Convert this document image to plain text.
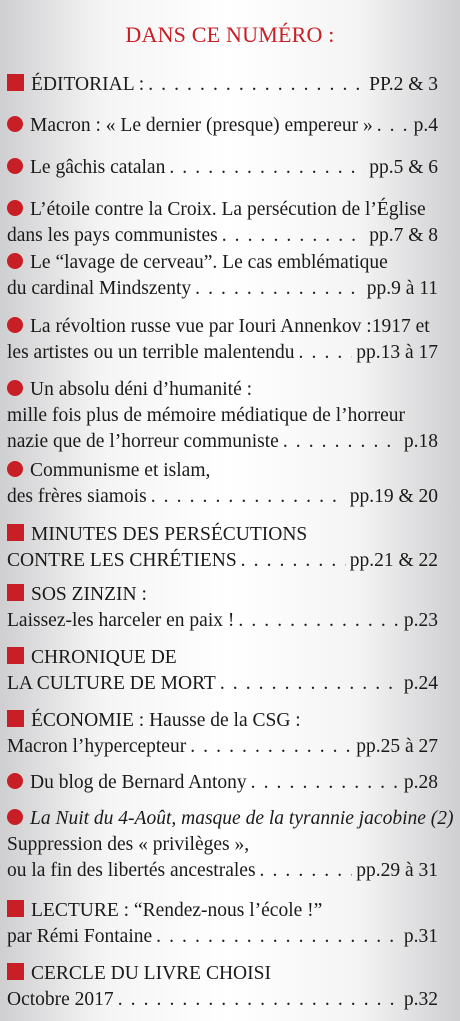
DANS CE NUMÉRO :
ÉDITORIAL : . . .	PP.2 & 3
Macron : « Le dernier (presque) empereur » . . . p.4
Le gâchis catalan . . .	pp.5 & 6
L’étoile contre la Croix. La persécution de l’Église
dans les pays communistes . . .	pp.7 & 8
Le “lavage de cerveau”. Le cas emblématique
du cardinal Mindszenty . . .	pp.9 à 11
La révoltion russe vue par Iouri Annenkov :1917 et
les artistes ou un terrible malentendu . . .	pp.13 à 17
Un absolu déni d’humanité :
mille fois plus de mémoire médiatique de l’horreur
nazie que de l’horreur communiste . . .	p.18
Communisme et islam,
des frères siamois . . .	pp.19 & 20
MINUTES DES PERSÉCUTIONS
CONTRE LES CHRÉTIENS . . .	pp.21 & 22
SOS ZINZIN :
Laissez-les harceler en paix ! . . .	p.23
CHRONIQUE DE
LA CULTURE DE MORT . . .	p.24
ÉCONOMIE : Hausse de la CSG :
Macron l’hypercepteur . . .	pp.25 à 27
Du blog de Bernard Antony . . .	p.28
La Nuit du 4-Août, masque de la tyrannie jacobine (2)
Suppression des « privilèges »,
ou la fin des libertés ancestrales . . .	pp.29 à 31
LECTURE : “Rendez-nous l’école !”
par Rémi Fontaine . . .	p.31
CERCLE DU LIVRE CHOISI
Octobre 2017 . . .	p.32
